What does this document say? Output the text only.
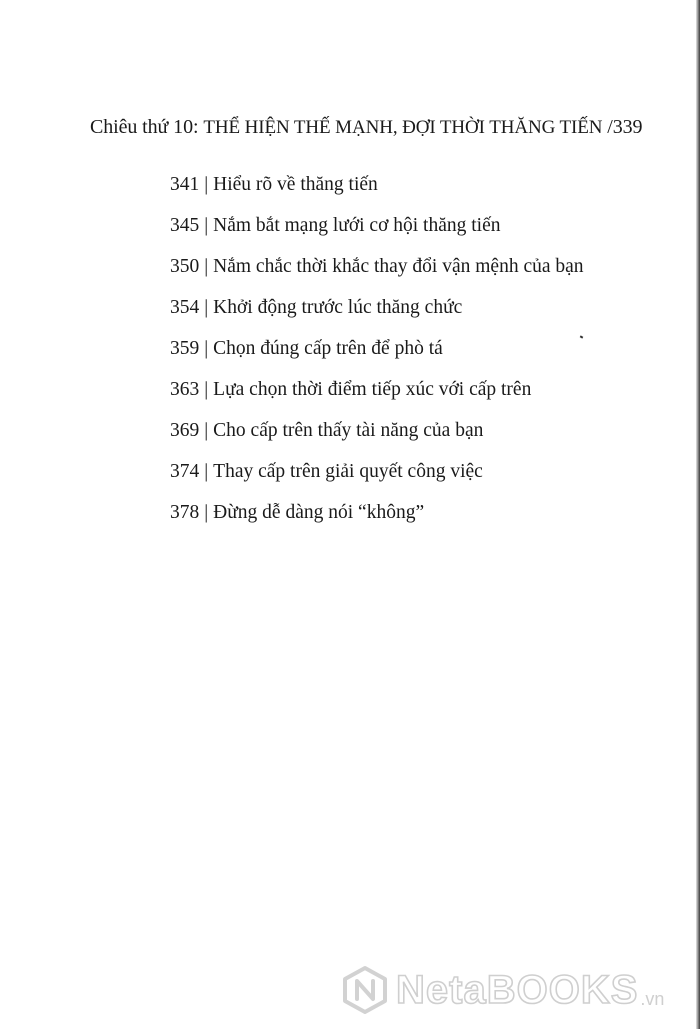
Chiêu thứ 10: THỂ HIỆN THẾ MẠNH, ĐỢI THỜI THĂNG TIẾN /339
341 | Hiểu rõ về thăng tiến
345 | Nắm bắt mạng lưới cơ hội thăng tiến
350 | Nắm chắc thời khắc thay đổi vận mệnh của bạn
354 | Khởi động trước lúc thăng chức
359 | Chọn đúng cấp trên để phò tá
363 | Lựa chọn thời điểm tiếp xúc với cấp trên
369 | Cho cấp trên thấy tài năng của bạn
374 | Thay cấp trên giải quyết công việc
378 | Đừng dễ dàng nói “không”
NetaBOOKS .vn
